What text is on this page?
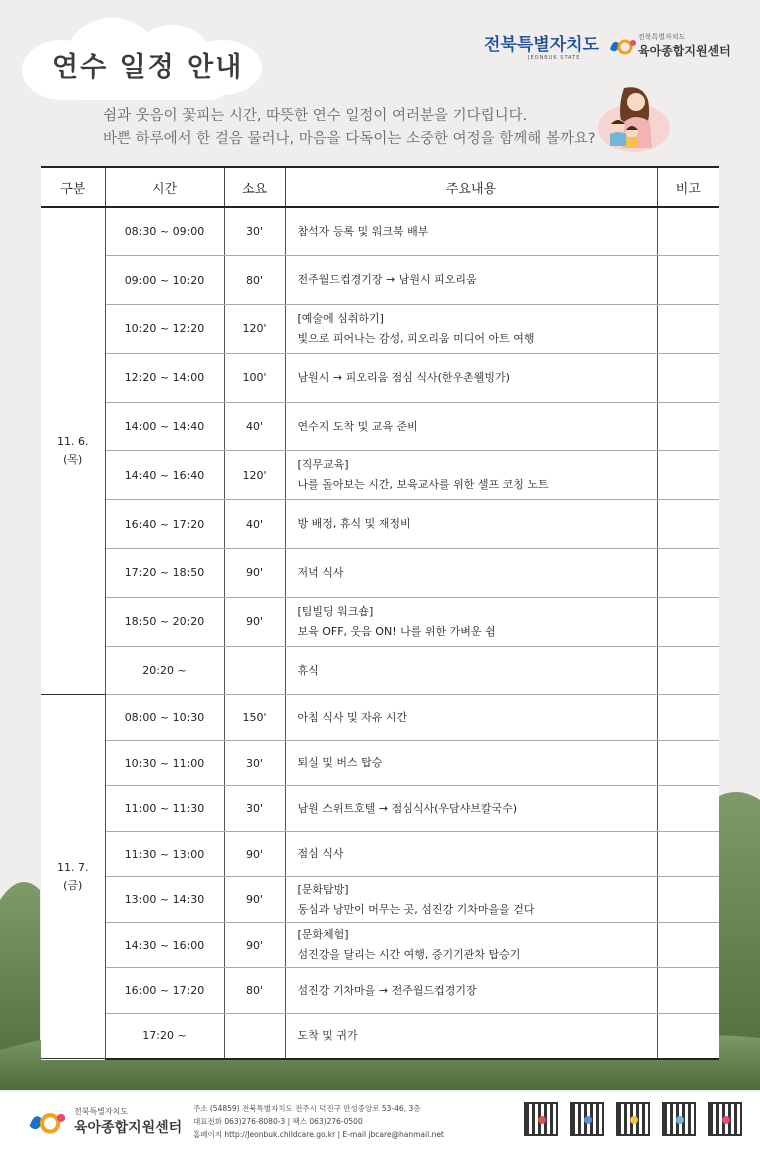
연수 일정 안내
전북특별자치도
JEONBUK STATE
전북특별자치도
육아종합지원센터
쉼과 웃음이 꽃피는 시간, 따뜻한 연수 일정이 여러분을 기다립니다.
바쁜 하루에서 한 걸음 물러나, 마음을 다독이는 소중한 여정을 함께해 볼까요?
구분	시간	소요	주요내용	비고

11. 6.
(목)	08:30 ~ 09:00	30'	참석자 등록 및 워크북 배부	

	09:00 ~ 10:20	80'	전주월드컵경기장 → 남원시 피오리움	

	10:20 ~ 12:20	120'	[예술에 심취하기]
빛으로 피어나는 감성, 피오리움 미디어 아트 여행	

	12:20 ~ 14:00	100'	남원시 → 피오리움 점심 식사(한우촌웰빙가)	

	14:00 ~ 14:40	40'	연수지 도착 및 교육 준비	

	14:40 ~ 16:40	120'	[직무교육]
나를 돌아보는 시간, 보육교사를 위한 셀프 코칭 노트	

	16:40 ~ 17:20	40'	방 배정, 휴식 및 재정비	

	17:20 ~ 18:50	90'	저녁 식사	

	18:50 ~ 20:20	90'	[팀빌딩 워크숍]
보육 OFF, 웃음 ON! 나를 위한 가벼운 쉼	

	20:20 ~		휴식	

11. 7.
(금)	08:00 ~ 10:30	150'	아침 식사 및 자유 시간	

	10:30 ~ 11:00	30'	퇴실 및 버스 탑승	

	11:00 ~ 11:30	30'	남원 스위트호텔 → 점심식사(우담샤브칼국수)	

	11:30 ~ 13:00	90'	점심 식사	

	13:00 ~ 14:30	90'	[문화탐방]
동심과 낭만이 머무는 곳, 섬진강 기차마을을 걷다	

	14:30 ~ 16:00	90'	[문화체험]
섬진강을 달리는 시간 여행, 증기기관차 탑승기	

	16:00 ~ 17:20	80'	섬진강 기차마을 → 전주월드컵경기장	

	17:20 ~		도착 및 귀가	

전북특별자치도
육아종합지원센터
주소 (54859) 전북특별자치도 전주시 덕진구 만성중앙로 53-46, 3층
대표전화 063)276-8080-3 | 팩스 063)276-0500
홈페이지 http://Jeonbuk.childcare.go.kr | E-mail jbcare@hanmail.net
